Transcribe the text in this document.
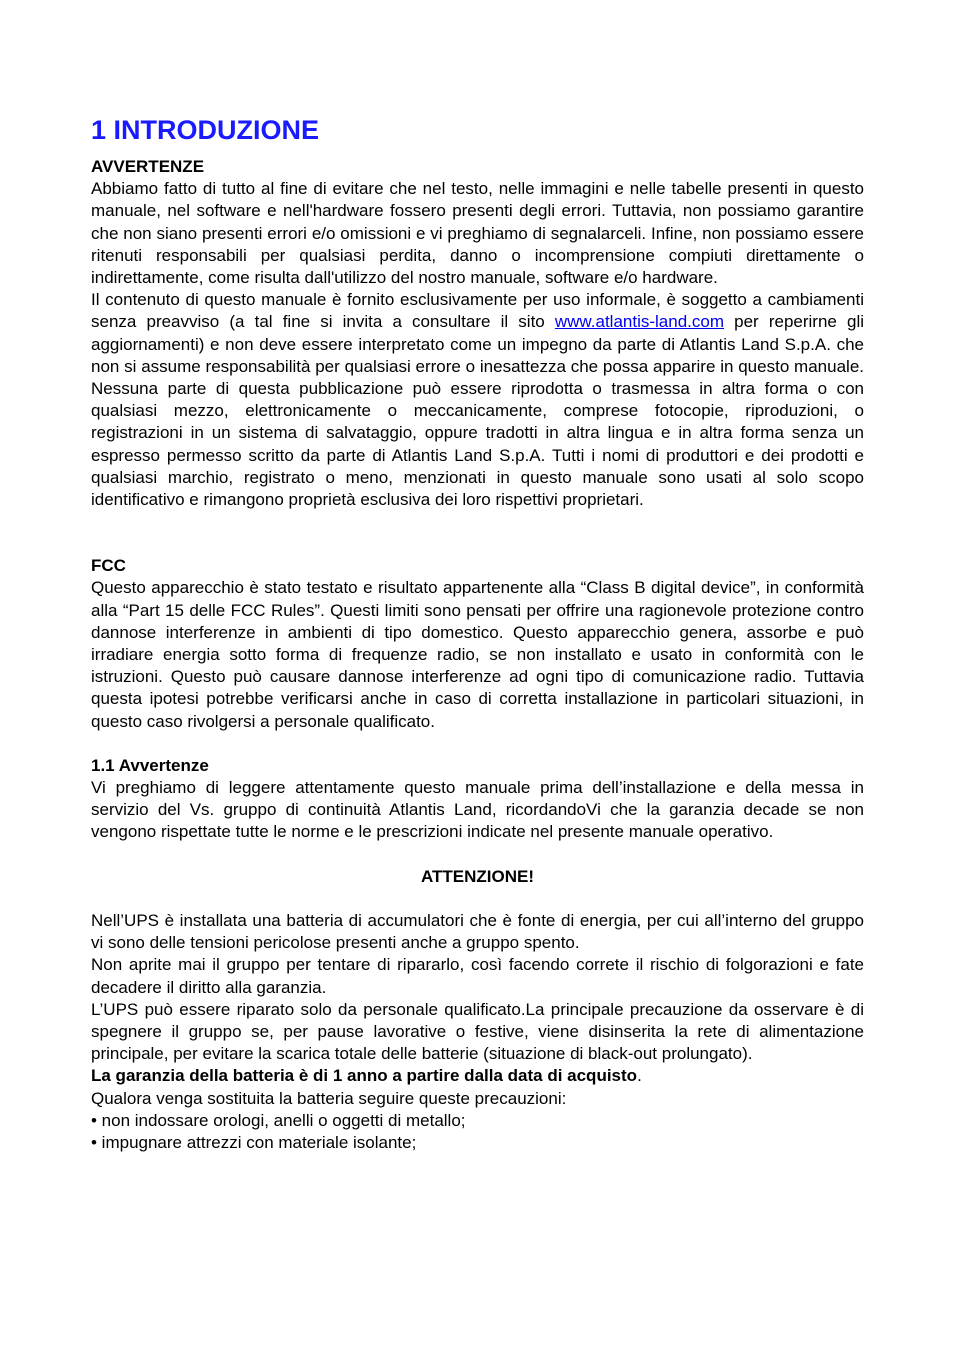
1 INTRODUZIONE
AVVERTENZE

Abbiamo fatto di tutto al fine di evitare che nel testo, nelle immagini e nelle tabelle presenti in questo manuale, nel software e nell'hardware fossero presenti degli errori. Tuttavia, non possiamo garantire che non siano presenti errori e/o omissioni e vi preghiamo di segnalarceli. Infine, non possiamo essere ritenuti responsabili per qualsiasi perdita, danno o incomprensione compiuti direttamente o indirettamente, come risulta dall'utilizzo del nostro manuale, software e/o hardware.

Il contenuto di questo manuale è fornito esclusivamente per uso informale, è soggetto a cambiamenti senza preavviso (a tal fine si invita a consultare il sito www.atlantis-land.com per reperirne gli aggiornamenti) e non deve essere interpretato come un impegno da parte di Atlantis Land S.p.A. che non si assume responsabilità per qualsiasi errore o inesattezza che possa apparire in questo manuale. Nessuna parte di questa pubblicazione può essere riprodotta o trasmessa in altra forma o con qualsiasi mezzo, elettronicamente o meccanicamente, comprese fotocopie, riproduzioni, o registrazioni in un sistema di salvataggio, oppure tradotti in altra lingua e in altra forma senza un espresso permesso scritto da parte di Atlantis Land S.p.A. Tutti i nomi di produttori e dei prodotti e qualsiasi marchio, registrato o meno, menzionati in questo manuale sono usati al solo scopo identificativo e rimangono proprietà esclusiva dei loro rispettivi proprietari.

FCC

Questo apparecchio è stato testato e risultato appartenente alla “Class B digital device”, in conformità alla “Part 15 delle FCC Rules”. Questi limiti sono pensati per offrire una ragionevole protezione contro dannose interferenze in ambienti di tipo domestico. Questo apparecchio genera, assorbe e può irradiare energia sotto forma di frequenze radio, se non installato e usato in conformità con le istruzioni. Questo può causare dannose interferenze ad ogni tipo di comunicazione radio. Tuttavia questa ipotesi potrebbe verificarsi anche in caso di corretta installazione in particolari situazioni, in questo caso rivolgersi a personale qualificato.

1.1 Avvertenze

Vi preghiamo di leggere attentamente questo manuale prima dell’installazione e della messa in servizio del Vs. gruppo di continuità Atlantis Land, ricordandoVi che la garanzia decade se non vengono rispettate tutte le norme e le prescrizioni indicate nel presente manuale operativo.

ATTENZIONE!

Nell’UPS è installata una batteria di accumulatori che è fonte di energia, per cui all’interno del gruppo vi sono delle tensioni pericolose presenti anche a gruppo spento.

Non aprite mai il gruppo per tentare di ripararlo, così facendo correte il rischio di folgorazioni e fate decadere il diritto alla garanzia.

L’UPS può essere riparato solo da personale qualificato.La principale precauzione da osservare è di spegnere il gruppo se, per pause lavorative o festive, viene disinserita la rete di alimentazione principale, per evitare la scarica totale delle batterie (situazione di black-out prolungato).

La garanzia della batteria è di 1 anno a partire dalla data di acquisto.

Qualora venga sostituita la batteria seguire queste precauzioni:

• non indossare orologi, anelli o oggetti di metallo;

• impugnare attrezzi con materiale isolante;
